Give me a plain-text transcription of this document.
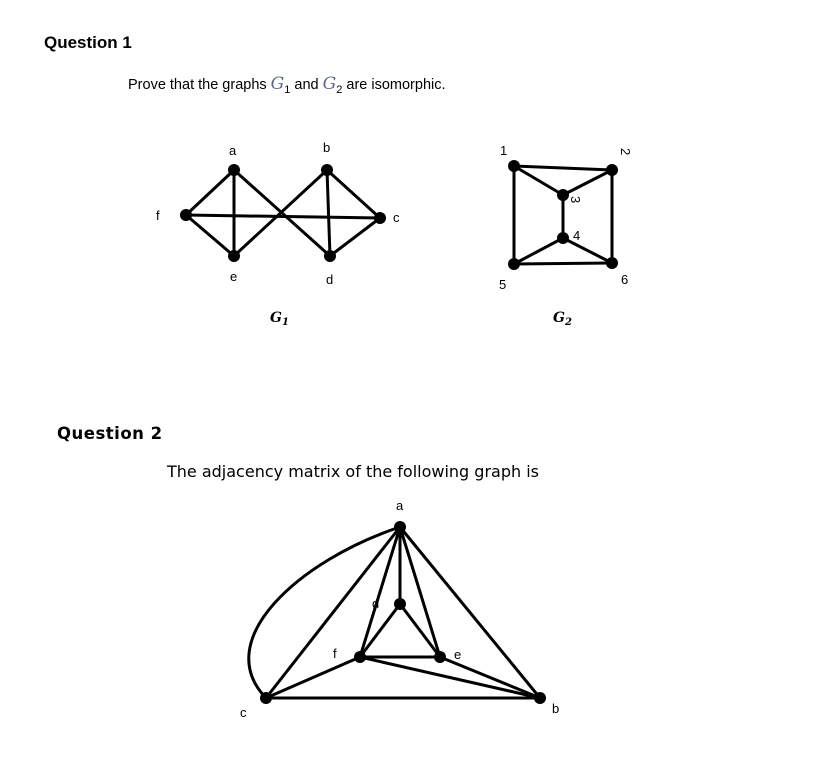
Question 1
Prove that the graphs $G_1$ and $G_2$ are isomorphic.
a	b
c
d
e
f
$G_1$
1	2
3
4
5	6
$G_2$
a
b
c
d
e
f
Question 2
The adjacency matrix of the following graph is
